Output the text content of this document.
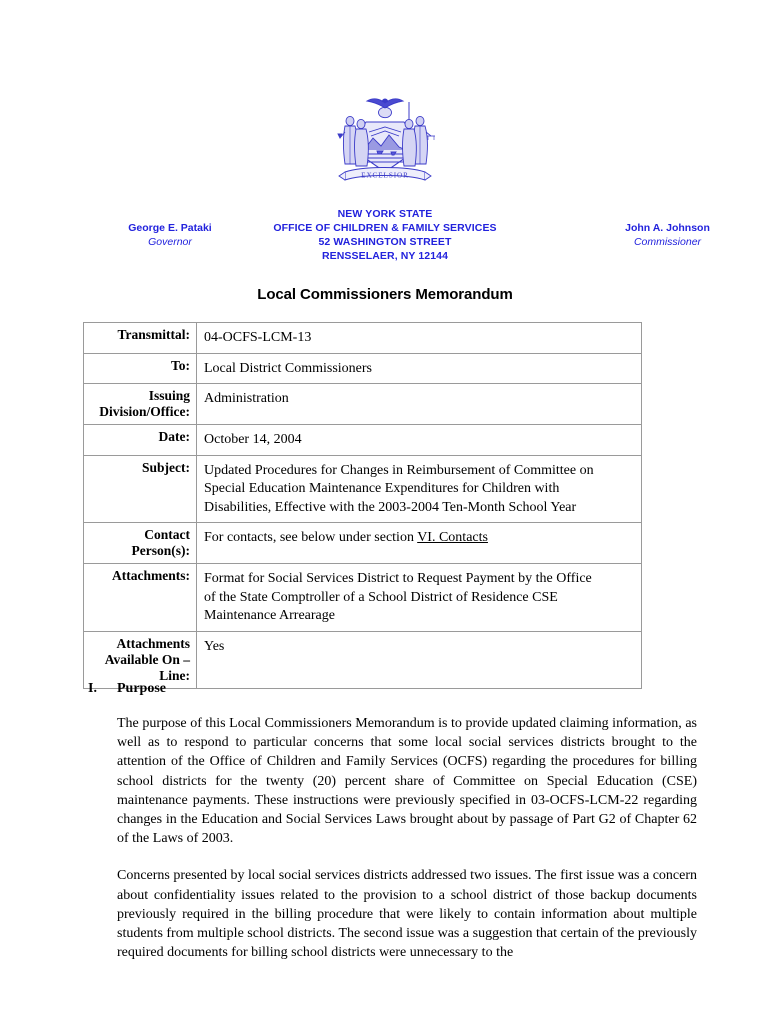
EXCELSIOR
NEW YORK STATE
OFFICE OF CHILDREN & FAMILY SERVICES
52 WASHINGTON STREET
RENSSELAER, NY 12144
George E. Pataki
Governor
John A. Johnson
Commissioner
Local Commissioners Memorandum
Transmittal:	04-OCFS-LCM-13
To:	Local District Commissioners

Issuing
Division/Office:	Administration
Date:	October 14, 2004
Subject:	Updated Procedures for Changes in Reimbursement of Committee on
Special Education Maintenance Expenditures for Children with
Disabilities, Effective with the 2003-2004 Ten-Month School Year

Contact
Person(s):	For contacts, see below under section VI. Contacts
Attachments:	Format for Social Services District to Request Payment by the Office
of the State Comptroller of a School District of Residence CSE
Maintenance Arrearage

Attachments
Available On –
Line:	Yes
I. Purpose

The purpose of this Local Commissioners Memorandum is to provide updated claiming information, as well as to respond to particular concerns that some local social services districts brought to the attention of the Office of Children and Family Services (OCFS) regarding the procedures for billing school districts for the twenty (20) percent share of Committee on Special Education (CSE) maintenance payments. These instructions were previously specified in 03-OCFS-LCM-22 regarding changes in the Education and Social Services Laws brought about by passage of Part G2 of Chapter 62 of the Laws of 2003.

Concerns presented by local social services districts addressed two issues. The first issue was a concern about confidentiality issues related to the provision to a school district of those backup documents previously required in the billing procedure that were likely to contain information about multiple students from multiple school districts. The second issue was a suggestion that certain of the previously required documents for billing school districts were unnecessary to the
